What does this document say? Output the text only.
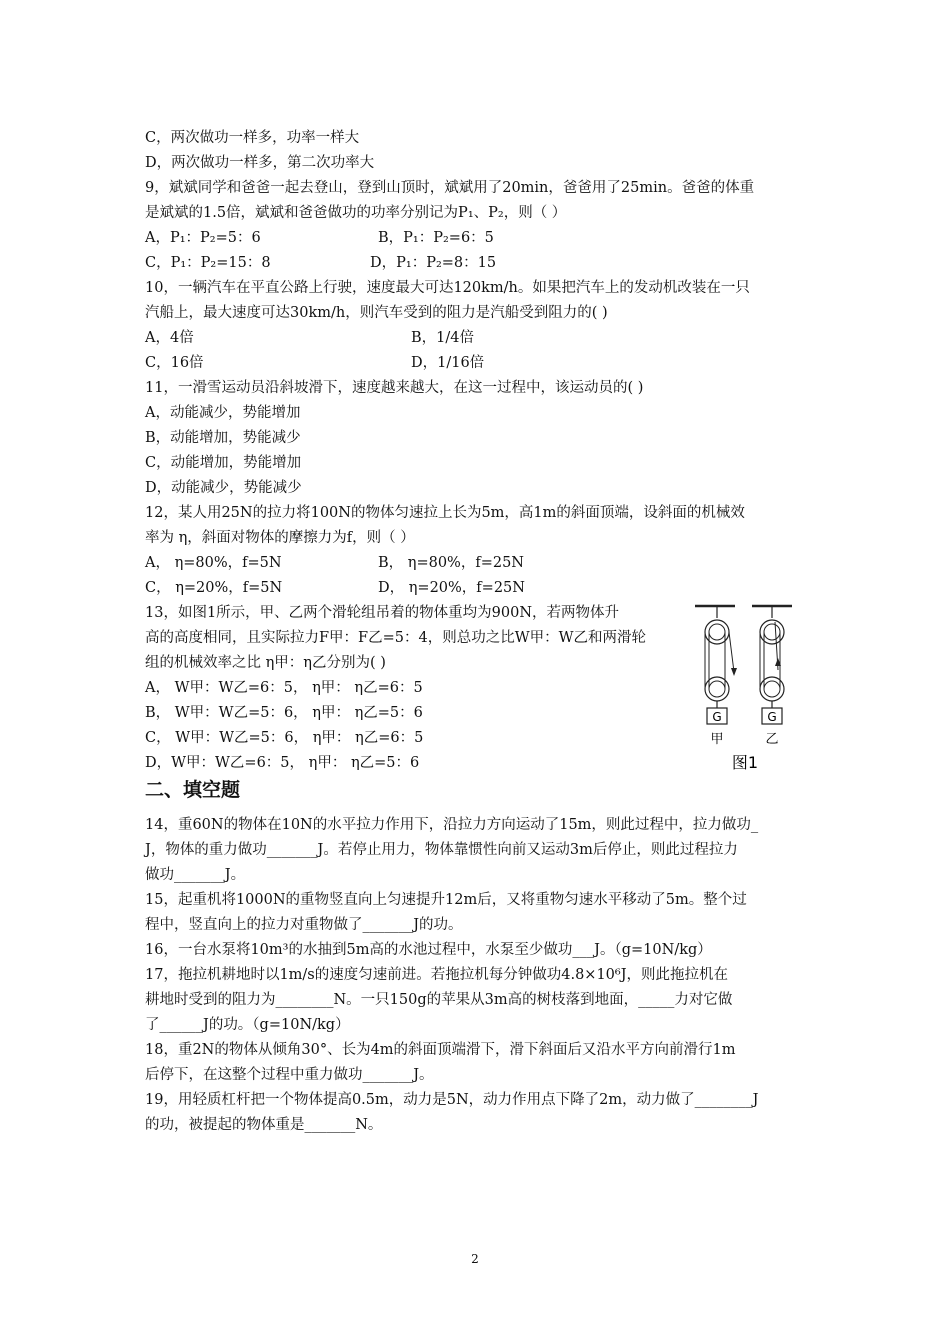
C，两次做功一样多，功率一样大
D，两次做功一样多，第二次功率大
9，斌斌同学和爸爸一起去登山，登到山顶时，斌斌用了20min，爸爸用了25min。爸爸的体重
是斌斌的1.5倍，斌斌和爸爸做功的功率分别记为P₁、P₂，则（ ）
A，P₁：P₂=5：6	B，P₁：P₂=6：5
C，P₁：P₂=15：8	D，P₁：P₂=8：15
10，一辆汽车在平直公路上行驶，速度最大可达120km/h。如果把汽车上的发动机改装在一只
汽船上，最大速度可达30km/h，则汽车受到的阻力是汽船受到阻力的( )
A，4倍	B，1/4倍
C，16倍	D，1/16倍
11，一滑雪运动员沿斜坡滑下，速度越来越大，在这一过程中，该运动员的( )
A，动能减少，势能增加
B，动能增加，势能减少
C，动能增加，势能增加
D，动能减少，势能减少
12，某人用25N的拉力将100N的物体匀速拉上长为5m，高1m的斜面顶端，设斜面的机械效
率为 η，斜面对物体的摩擦力为f，则（ ）
A， η=80%，f=5N	B， η=80%，f=25N
C， η=20%，f=5N	D， η=20%，f=25N
13，如图1所示，甲、乙两个滑轮组吊着的物体重均为900N，若两物体升
高的高度相同，且实际拉力F甲：F乙=5：4，则总功之比W甲：W乙和两滑轮
组的机械效率之比 η甲：η乙分别为( )
A， W甲：W乙=6：5， η甲： η乙=6：5
B， W甲：W乙=5：6， η甲： η乙=5：6
C， W甲：W乙=5：6， η甲： η乙=6：5
D，W甲：W乙=6：5， η甲： η乙=5：6
二、填空题
14，重60N的物体在10N的水平拉力作用下，沿拉力方向运动了15m，则此过程中，拉力做功_
J，物体的重力做功_______J。若停止用力，物体靠惯性向前又运动3m后停止，则此过程拉力
做功_______J。
15，起重机将1000N的重物竖直向上匀速提升12m后，又将重物匀速水平移动了5m。整个过
程中，竖直向上的拉力对重物做了_______J的功。
16，一台水泵将10m³的水抽到5m高的水池过程中，水泵至少做功___J。（g=10N/kg）
17，拖拉机耕地时以1m/s的速度匀速前进。若拖拉机每分钟做功4.8×10⁶J，则此拖拉机在
耕地时受到的阻力为________N。一只150g的苹果从3m高的树枝落到地面，_____力对它做
了______J的功。（g=10N/kg）
18，重2N的物体从倾角30°、长为4m的斜面顶端滑下，滑下斜面后又沿水平方向前滑行1m
后停下，在这整个过程中重力做功_______J。
19，用轻质杠杆把一个物体提高0.5m，动力是5N，动力作用点下降了2m，动力做了________J
的功，被提起的物体重是_______N。
G
甲
G
乙
图1
2
